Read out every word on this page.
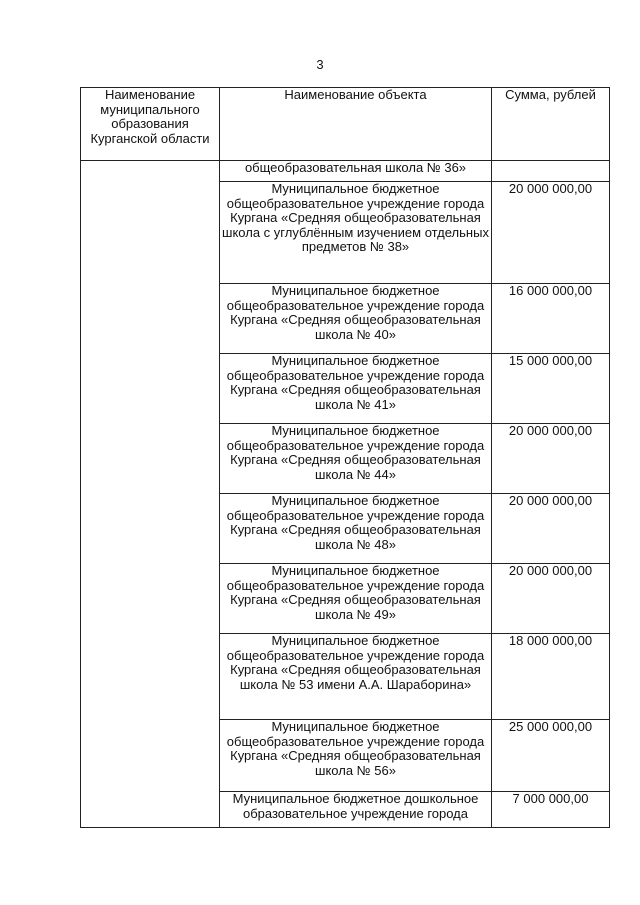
3
Наименование муниципального образования Курганской области	Наименование объекта	Сумма, рублей
	общеобразовательная школа № 36»	
	Муниципальное бюджетное общеобразовательное учреждение города Кургана «Средняя общеобразовательная школа с углублённым изучением отдельных предметов № 38»	20 000 000,00
	Муниципальное бюджетное общеобразовательное учреждение города Кургана «Средняя общеобразовательная школа № 40»	16 000 000,00
	Муниципальное бюджетное общеобразовательное учреждение города Кургана «Средняя общеобразовательная школа № 41»	15 000 000,00
	Муниципальное бюджетное общеобразовательное учреждение города Кургана «Средняя общеобразовательная школа № 44»	20 000 000,00
	Муниципальное бюджетное общеобразовательное учреждение города Кургана «Средняя общеобразовательная школа № 48»	20 000 000,00
	Муниципальное бюджетное общеобразовательное учреждение города Кургана «Средняя общеобразовательная школа № 49»	20 000 000,00
	Муниципальное бюджетное общеобразовательное учреждение города Кургана «Средняя общеобразовательная школа № 53 имени А.А. Шараборина»	18 000 000,00
	Муниципальное бюджетное общеобразовательное учреждение города Кургана «Средняя общеобразовательная школа № 56»	25 000 000,00
	Муниципальное бюджетное дошкольное образовательное учреждение города	7 000 000,00
